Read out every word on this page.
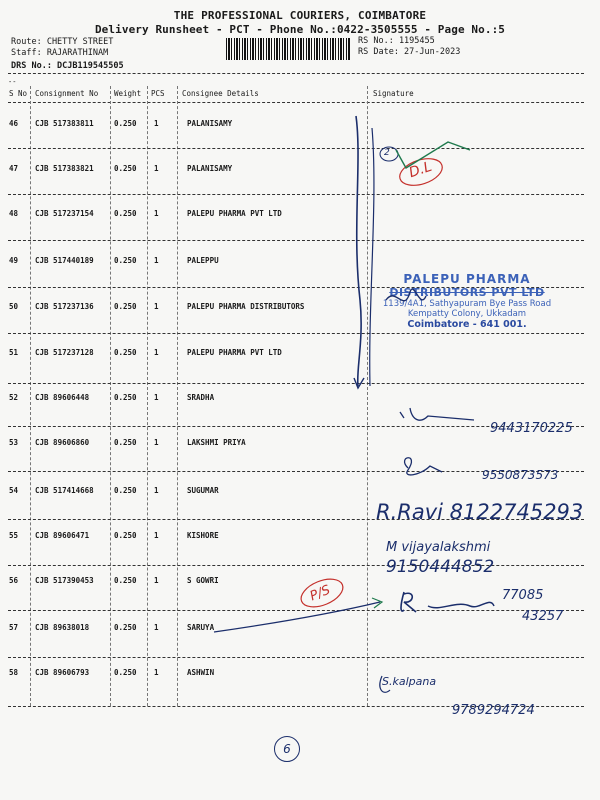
THE PROFESSIONAL COURIERS, COIMBATORE
Delivery Runsheet - PCT - Phone No.:0422-3505555 - Page No.:5
Route: CHETTY STREET
Staff: RAJARATHINAM
DRS No.: DCJB119545505
RS No.: 1195455
RS Date: 27-Jun-2023
--
S No Consignment No Weight PCS Consignee Details	Signature
46 CJB 517383811	0.250 1	PALANISAMY
47 CJB 517383821	0.250 1	PALANISAMY
48 CJB 517237154	0.250 1	PALEPU PHARMA PVT LTD
49 CJB 517440189	0.250 1	PALEPPU
50 CJB 517237136	0.250 1	PALEPU PHARMA DISTRIBUTORS
51 CJB 517237128	0.250 1	PALEPU PHARMA PVT LTD
52 CJB 89606448	0.250 1	SRADHA
53 CJB 89606860	0.250 1	LAKSHMI PRIYA
54 CJB 517414668	0.250 1	SUGUMAR
55 CJB 89606471	0.250 1	KISHORE
56 CJB 517390453	0.250 1	S GOWRI
57 CJB 89638018	0.250 1	SARUYA
58 CJB 89606793	0.250 1	ASHWIN
PALEPU PHARMA
DISTRIBUTORS PVT LTD
1139/4A1, Sathyapuram Bye Pass Road
Kempatty Colony, Ukkadam
Coimbatore - 641 001.
9443170225
9550873573
R.Ravi 8122745293
M vijayalakshmi
9150444852
77085
43257
S.kalpana
9789294724
D.L
P/S
2
6
